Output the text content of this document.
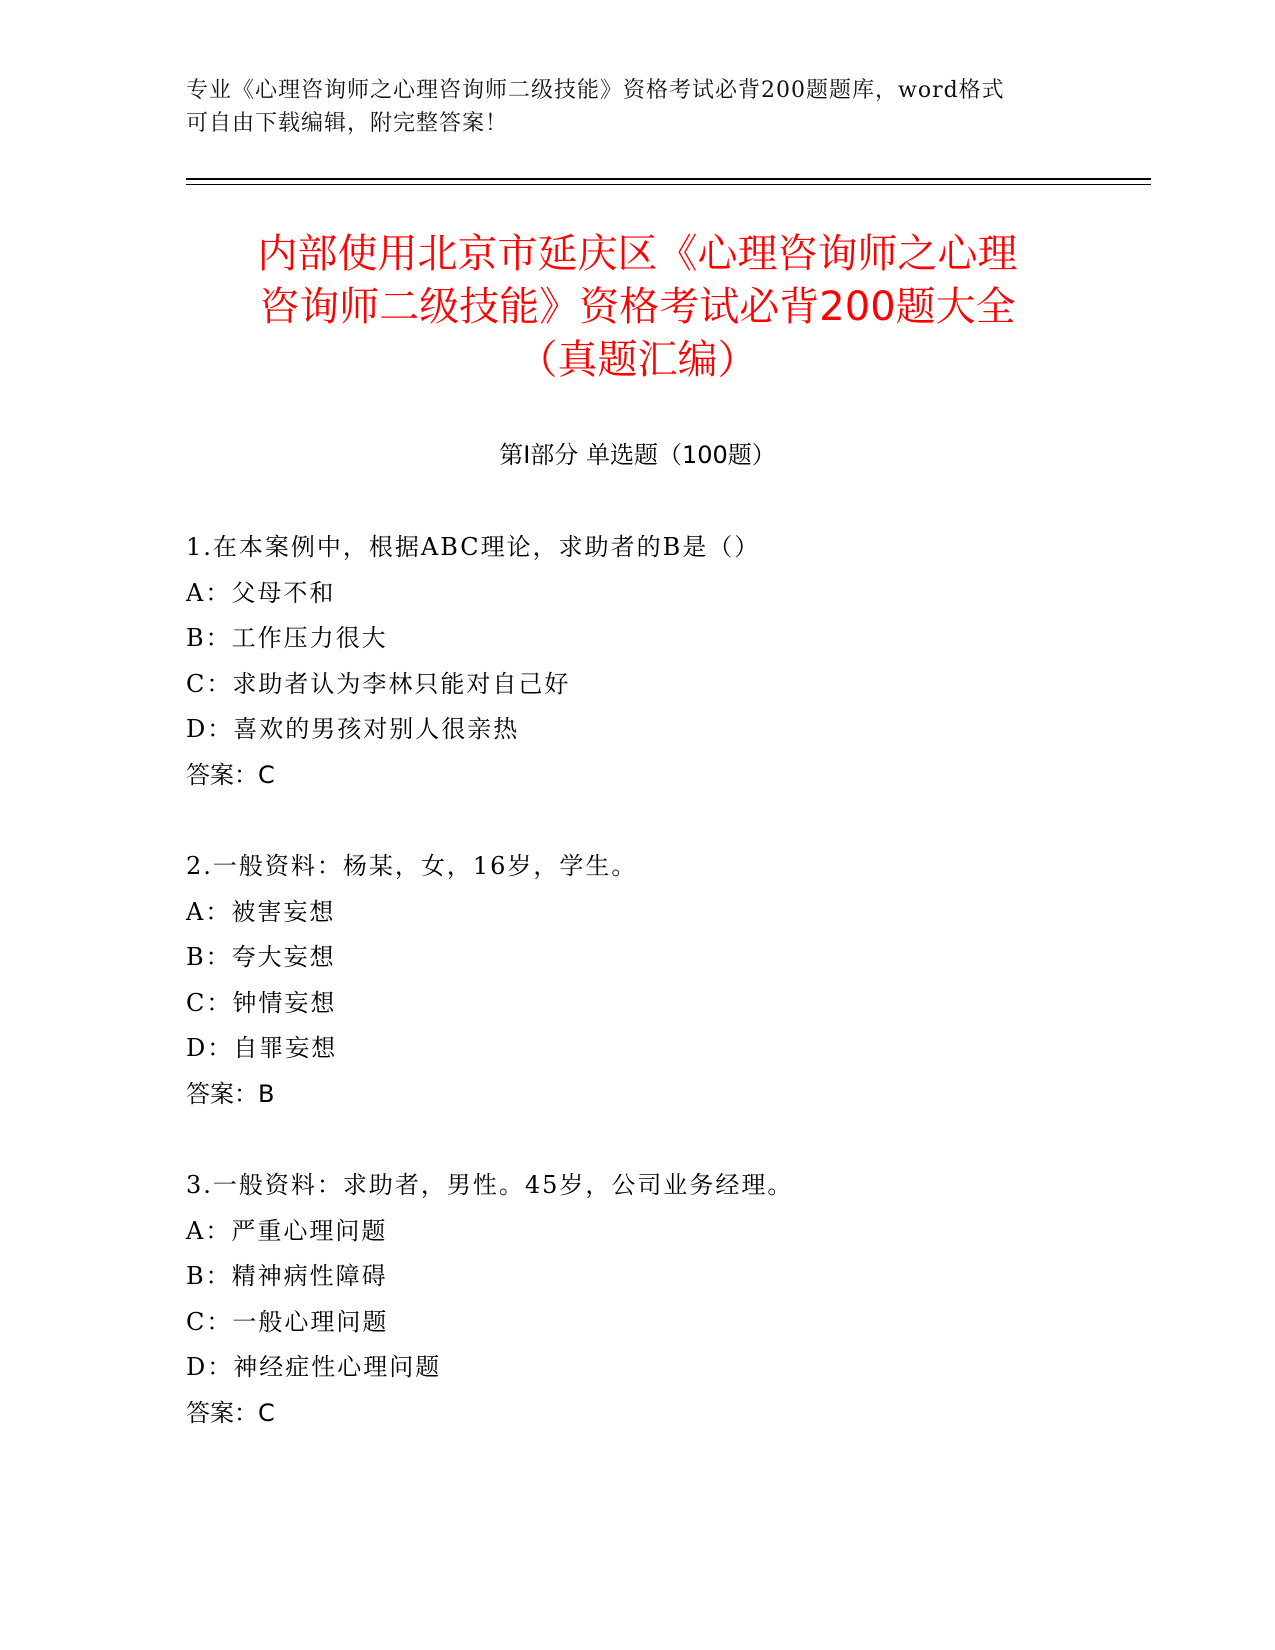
专业《心理咨询师之心理咨询师二级技能》资格考试必背200题题库，word格式
可自由下载编辑，附完整答案！
内部使用北京市延庆区《心理咨询师之心理
咨询师二级技能》资格考试必背200题大全
（真题汇编）
第Ⅰ部分 单选题（100题）
1.在本案例中，根据ABC理论，求助者的B是（）
A：父母不和
B：工作压力很大
C：求助者认为李林只能对自己好
D：喜欢的男孩对别人很亲热
答案：C
2.一般资料：杨某，女，16岁，学生。
A：被害妄想
B：夸大妄想
C：钟情妄想
D：自罪妄想
答案：B
3.一般资料：求助者，男性。45岁，公司业务经理。
A：严重心理问题
B：精神病性障碍
C：一般心理问题
D：神经症性心理问题
答案：C
